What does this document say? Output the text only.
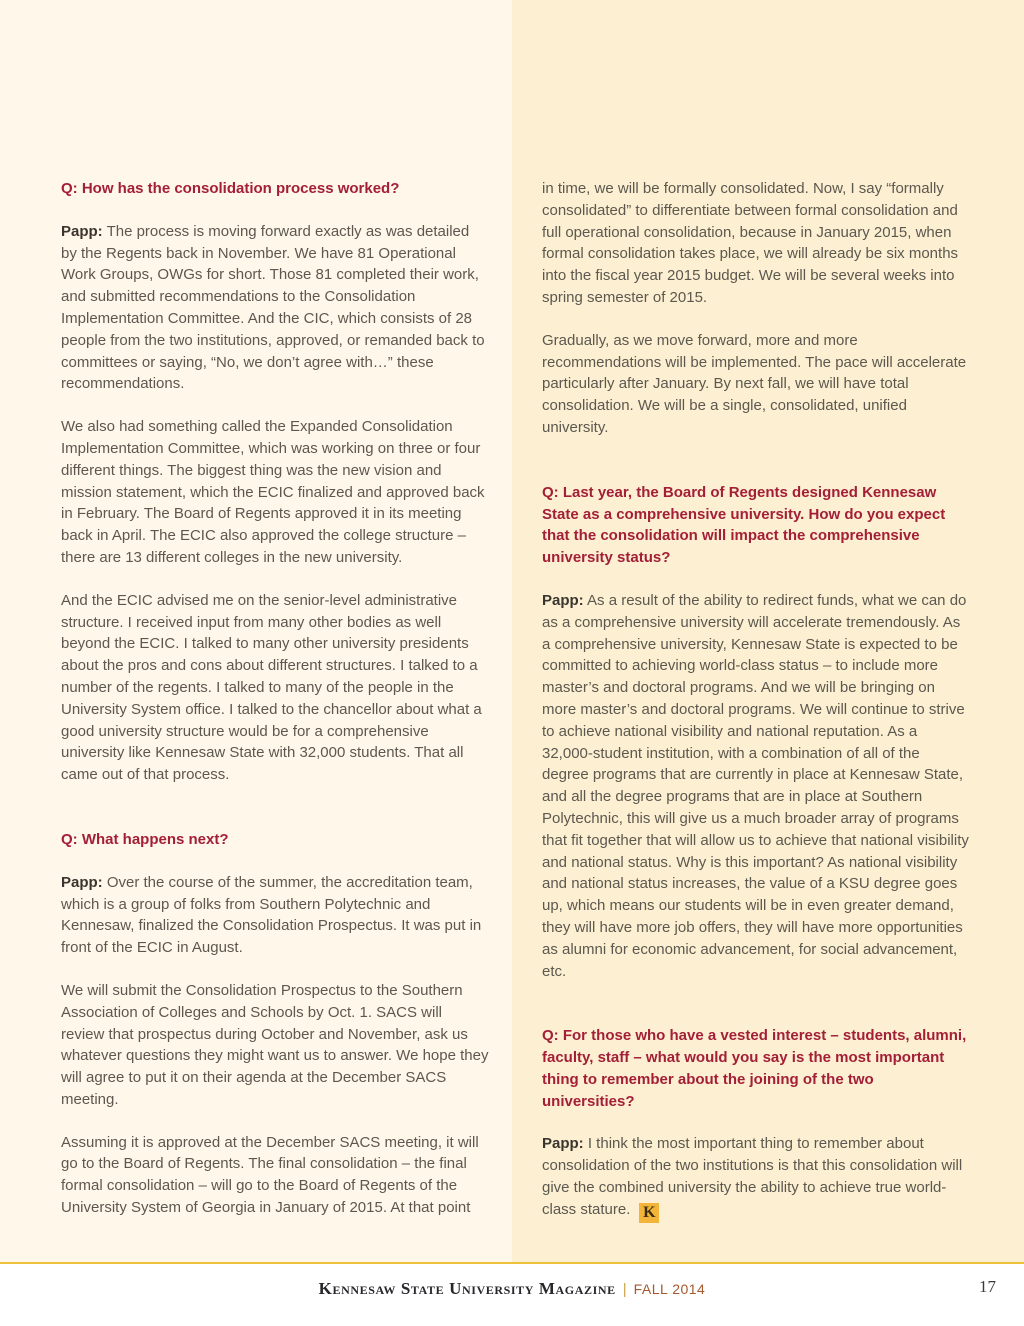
Q: How has the consolidation process worked?

Papp: The process is moving forward exactly as was detailed by the Regents back in November. We have 81 Operational Work Groups, OWGs for short. Those 81 completed their work, and submitted recommendations to the Consolidation Implementation Committee. And the CIC, which consists of 28 people from the two institutions, approved, or remanded back to committees or saying, “No, we don’t agree with…” these recommendations.

We also had something called the Expanded Consolidation Implementation Committee, which was working on three or four different things. The biggest thing was the new vision and mission statement, which the ECIC finalized and approved back in February. The Board of Regents approved it in its meeting back in April. The ECIC also approved the college structure – there are 13 different colleges in the new university.

And the ECIC advised me on the senior-level administrative structure. I received input from many other bodies as well beyond the ECIC. I talked to many other university presidents about the pros and cons about different structures. I talked to a number of the regents. I talked to many of the people in the University System office. I talked to the chancellor about what a good university structure would be for a comprehensive university like Kennesaw State with 32,000 students. That all came out of that process.

Q: What happens next?

Papp: Over the course of the summer, the accreditation team, which is a group of folks from Southern Polytechnic and Kennesaw, finalized the Consolidation Prospectus. It was put in front of the ECIC in August.

We will submit the Consolidation Prospectus to the Southern Association of Colleges and Schools by Oct. 1. SACS will review that prospectus during October and November, ask us whatever questions they might want us to answer. We hope they will agree to put it on their agenda at the December SACS meeting.

Assuming it is approved at the December SACS meeting, it will go to the Board of Regents. The final consolidation – the final formal consolidation – will go to the Board of Regents of the University System of Georgia in January of 2015. At that point

in time, we will be formally consolidated. Now, I say “formally consolidated” to differentiate between formal consolidation and full operational consolidation, because in January 2015, when formal consolidation takes place, we will already be six months into the fiscal year 2015 budget. We will be several weeks into spring semester of 2015.

Gradually, as we move forward, more and more recommendations will be implemented. The pace will accelerate particularly after January. By next fall, we will have total consolidation. We will be a single, consolidated, unified university.

Q: Last year, the Board of Regents designed Kennesaw State as a comprehensive university. How do you expect that the consolidation will impact the comprehensive university status?

Papp: As a result of the ability to redirect funds, what we can do as a comprehensive university will accelerate tremendously. As a comprehensive university, Kennesaw State is expected to be committed to achieving world-class status – to include more master’s and doctoral programs. And we will be bringing on more master’s and doctoral programs. We will continue to strive to achieve national visibility and national reputation. As a 32,000-student institution, with a combination of all of the degree programs that are currently in place at Kennesaw State, and all the degree programs that are in place at Southern Polytechnic, this will give us a much broader array of programs that fit together that will allow us to achieve that national visibility and national status. Why is this important? As national visibility and national status increases, the value of a KSU degree goes up, which means our students will be in even greater demand, they will have more job offers, they will have more opportunities as alumni for economic advancement, for social advancement, etc.

Q: For those who have a vested interest – students, alumni, faculty, staff – what would you say is the most important thing to remember about the joining of the two universities?

Papp: I think the most important thing to remember about consolidation of the two institutions is that this consolidation will give the combined university the ability to achieve true world-class stature. K

Kennesaw State University Magazine | FALL 2014	17
